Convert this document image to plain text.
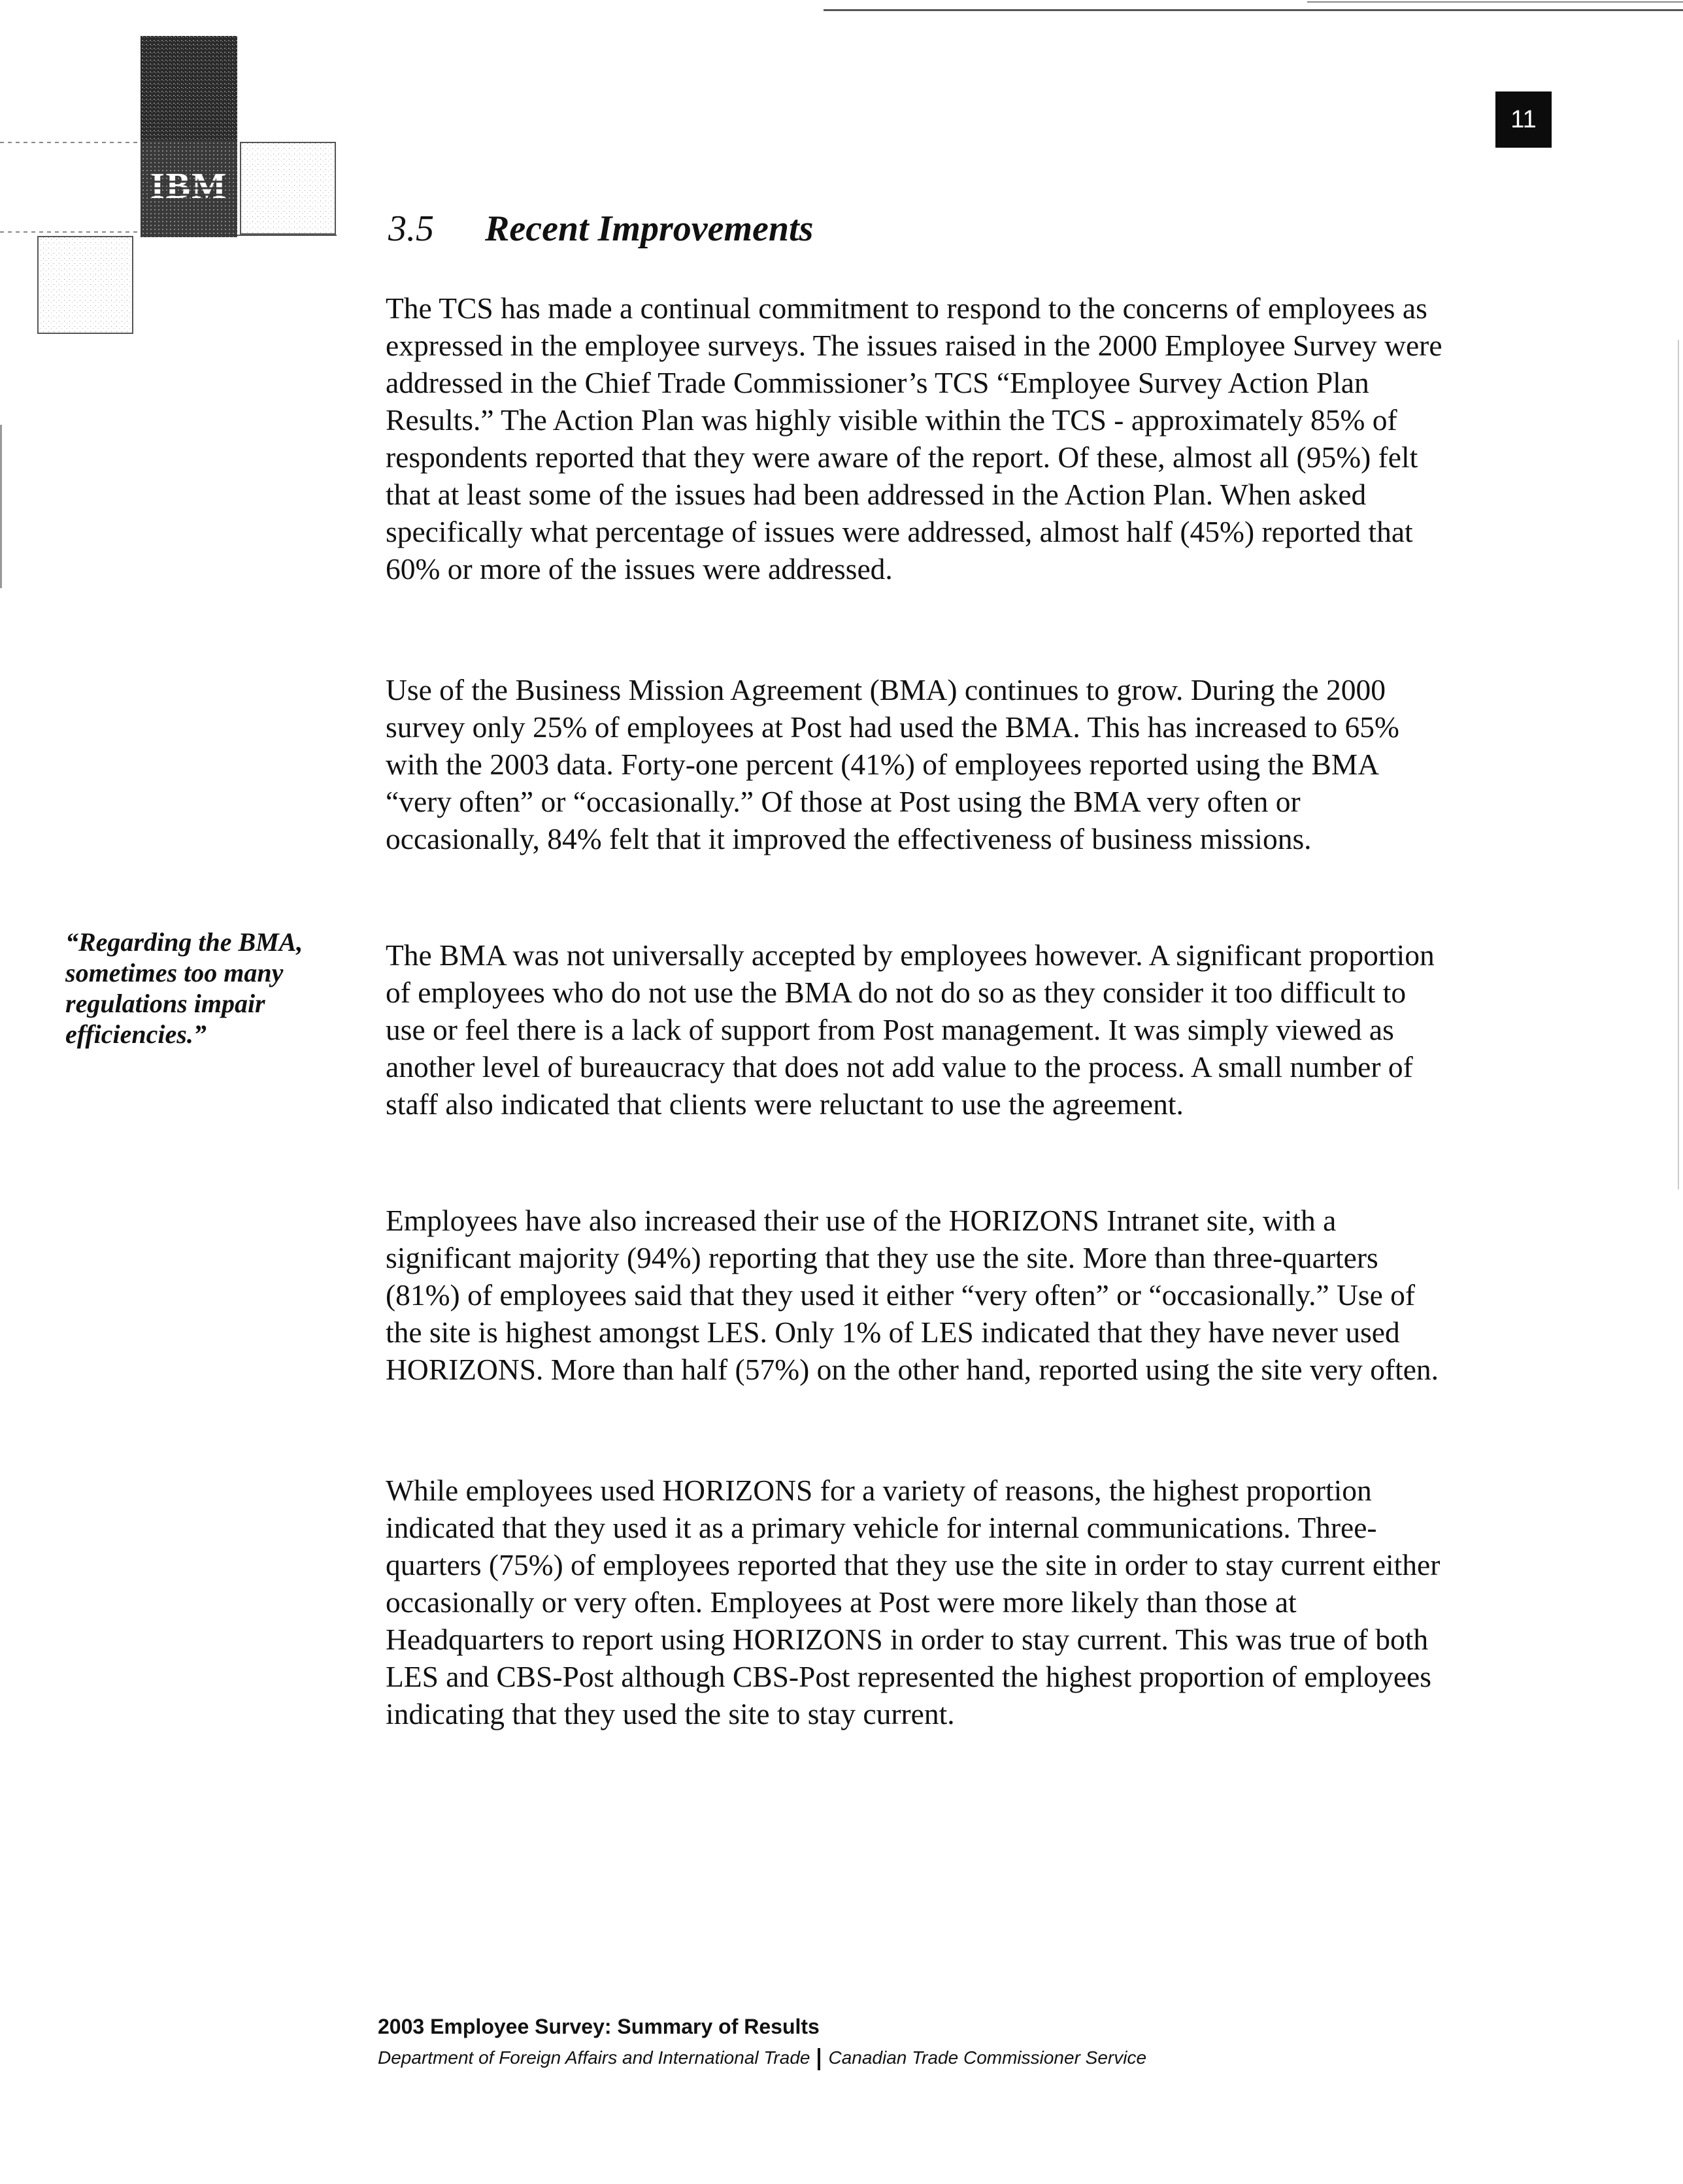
IBM
11
3.5 Recent Improvements

The TCS has made a continual commitment to respond to the concerns of employees as expressed in the employee surveys. The issues raised in the 2000 Employee Survey were addressed in the Chief Trade Commissioner’s TCS “Employee Survey Action Plan Results.” The Action Plan was highly visible within the TCS - approximately 85% of respondents reported that they were aware of the report. Of these, almost all (95%) felt that at least some of the issues had been addressed in the Action Plan. When asked specifically what percentage of issues were addressed, almost half (45%) reported that 60% or more of the issues were addressed.

Use of the Business Mission Agreement (BMA) continues to grow. During the 2000 survey only 25% of employees at Post had used the BMA. This has increased to 65% with the 2003 data. Forty-one percent (41%) of employees reported using the BMA “very often” or “occasionally.” Of those at Post using the BMA very often or occasionally, 84% felt that it improved the effectiveness of business missions.

The BMA was not universally accepted by employees however. A significant proportion of employees who do not use the BMA do not do so as they consider it too difficult to use or feel there is a lack of support from Post management. It was simply viewed as another level of bureaucracy that does not add value to the process. A small number of staff also indicated that clients were reluctant to use the agreement.

Employees have also increased their use of the HORIZONS Intranet site, with a significant majority (94%) reporting that they use the site. More than three-quarters (81%) of employees said that they used it either “very often” or “occasionally.” Use of the site is highest amongst LES. Only 1% of LES indicated that they have never used HORIZONS. More than half (57%) on the other hand, reported using the site very often.

While employees used HORIZONS for a variety of reasons, the highest proportion indicated that they used it as a primary vehicle for internal communications. Three-quarters (75%) of employees reported that they use the site in order to stay current either occasionally or very often. Employees at Post were more likely than those at Headquarters to report using HORIZONS in order to stay current. This was true of both LES and CBS-Post although CBS-Post represented the highest proportion of employees indicating that they used the site to stay current.

“Regarding the BMA, sometimes too many regulations impair efficiencies.”
2003 Employee Survey: Summary of Results
Department of Foreign Affairs and International Trade Canadian Trade Commissioner Service
